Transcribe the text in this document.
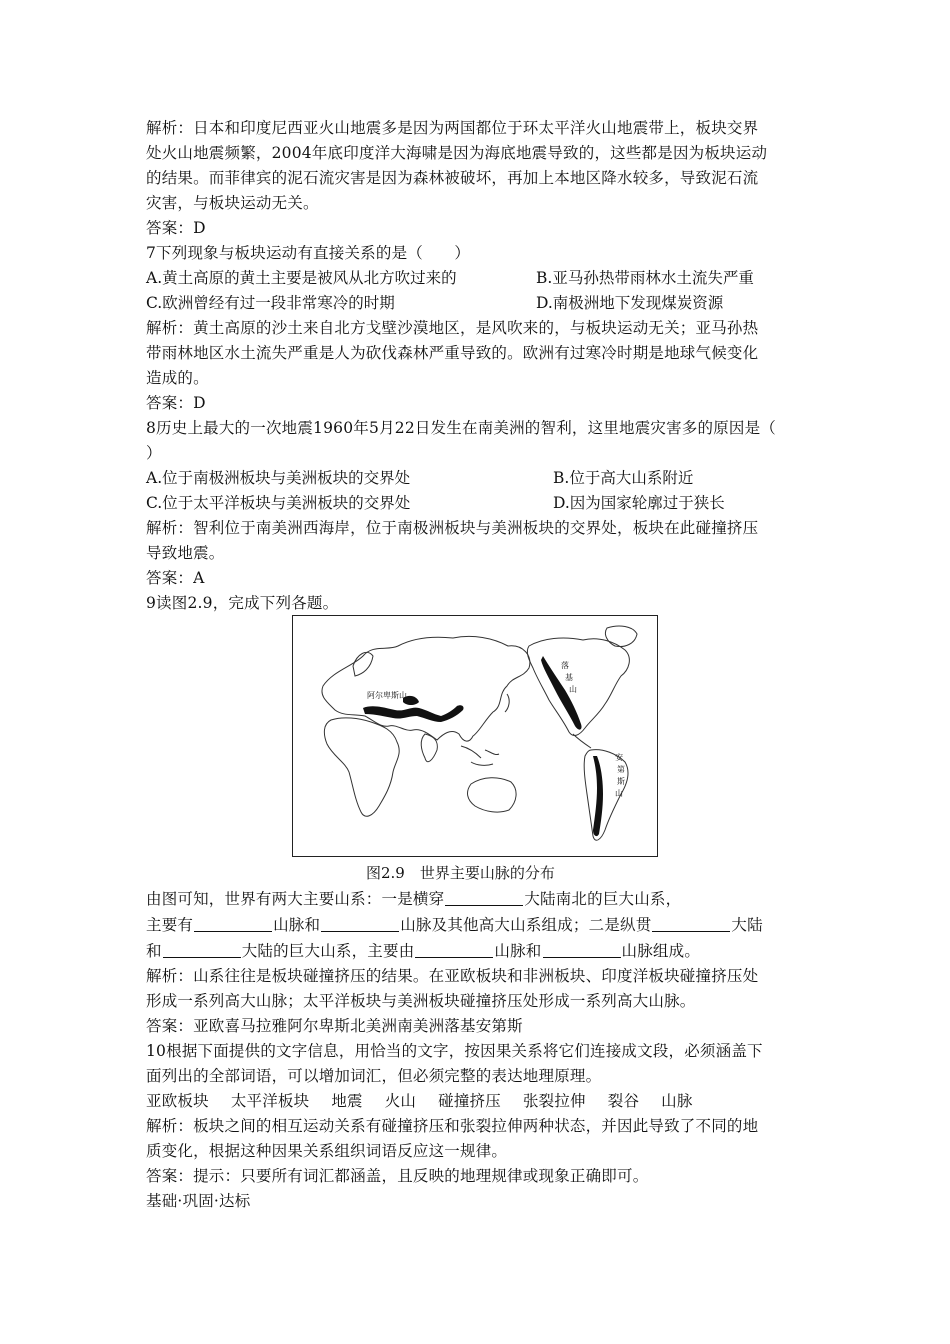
解析：日本和印度尼西亚火山地震多是因为两国都位于环太平洋火山地震带上，板块交界
处火山地震频繁，2004年底印度洋大海啸是因为海底地震导致的，这些都是因为板块运动
的结果。而菲律宾的泥石流灾害是因为森林被破坏，再加上本地区降水较多，导致泥石流
灾害，与板块运动无关。
答案：D
7下列现象与板块运动有直接关系的是（　　）
A.黄土高原的黄土主要是被风从北方吹过来的	B.亚马孙热带雨林水土流失严重
C.欧洲曾经有过一段非常寒冷的时期	D.南极洲地下发现煤炭资源
解析：黄土高原的沙土来自北方戈壁沙漠地区，是风吹来的，与板块运动无关；亚马孙热
带雨林地区水土流失严重是人为砍伐森林严重导致的。欧洲有过寒冷时期是地球气候变化
造成的。
答案：D
8历史上最大的一次地震1960年5月22日发生在南美洲的智利，这里地震灾害多的原因是（
）
A.位于南极洲板块与美洲板块的交界处	B.位于高大山系附近
C.位于太平洋板块与美洲板块的交界处	D.因为国家轮廓过于狭长
解析：智利位于南美洲西海岸，位于南极洲板块与美洲板块的交界处，板块在此碰撞挤压
导致地震。
答案：A
9读图2.9，完成下列各题。
阿尔卑斯山
落
基
山
安
第
斯
山
图2.9　世界主要山脉的分布
由图可知，世界有两大主要山系：一是横穿	大陆南北的巨大山系，
主要有	山脉和	山脉及其他高大山系组成；二是纵贯	大陆
和	大陆的巨大山系，主要由	山脉和	山脉组成。
解析：山系往往是板块碰撞挤压的结果。在亚欧板块和非洲板块、印度洋板块碰撞挤压处
形成一系列高大山脉；太平洋板块与美洲板块碰撞挤压处形成一系列高大山脉。
答案：亚欧喜马拉雅阿尔卑斯北美洲南美洲落基安第斯
10根据下面提供的文字信息，用恰当的文字，按因果关系将它们连接成文段，必须涵盖下
面列出的全部词语，可以增加词汇，但必须完整的表达地理原理。
亚欧板块 太平洋板块 地震 火山 碰撞挤压 张裂拉伸 裂谷 山脉
解析：板块之间的相互运动关系有碰撞挤压和张裂拉伸两种状态，并因此导致了不同的地
质变化，根据这种因果关系组织词语反应这一规律。
答案：提示：只要所有词汇都涵盖，且反映的地理规律或现象正确即可。
基础·巩固·达标
